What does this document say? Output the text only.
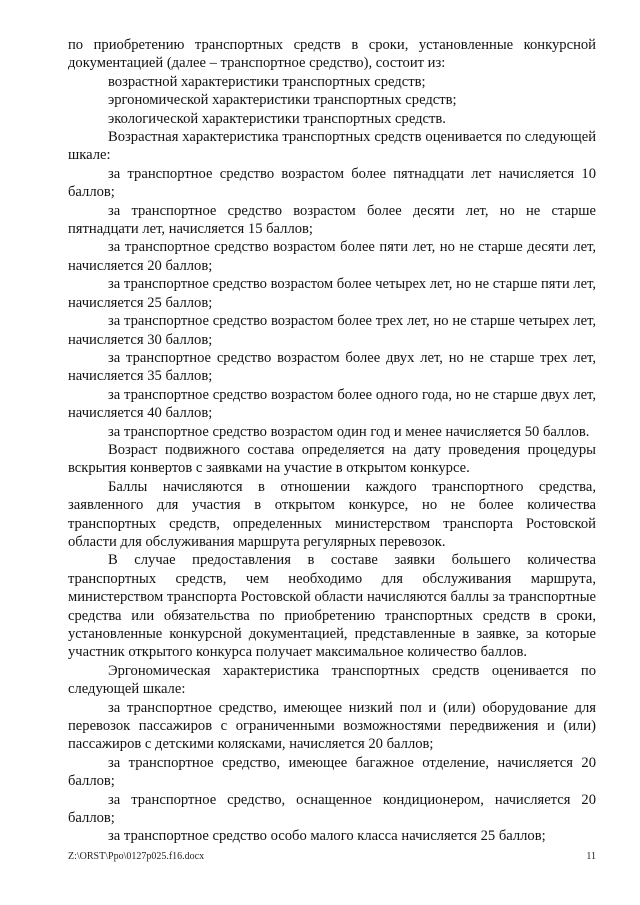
по приобретению транспортных средств в сроки, установленные конкурсной документацией (далее – транспортное средство), состоит из:

возрастной характеристики транспортных средств;

эргономической характеристики транспортных средств;

экологической характеристики транспортных средств.

Возрастная характеристика транспортных средств оценивается по следующей шкале:

за транспортное средство возрастом более пятнадцати лет начисляется 10 баллов;

за транспортное средство возрастом более десяти лет, но не старше пятнадцати лет, начисляется 15 баллов;

за транспортное средство возрастом более пяти лет, но не старше десяти лет, начисляется 20 баллов;

за транспортное средство возрастом более четырех лет, но не старше пяти лет, начисляется 25 баллов;

за транспортное средство возрастом более трех лет, но не старше четырех лет, начисляется 30 баллов;

за транспортное средство возрастом более двух лет, но не старше трех лет, начисляется 35 баллов;

за транспортное средство возрастом более одного года, но не старше двух лет, начисляется 40 баллов;

за транспортное средство возрастом один год и менее начисляется 50 баллов.

Возраст подвижного состава определяется на дату проведения процедуры вскрытия конвертов с заявками на участие в открытом конкурсе.

Баллы начисляются в отношении каждого транспортного средства, заявленного для участия в открытом конкурсе, но не более количества транспортных средств, определенных министерством транспорта Ростовской области для обслуживания маршрута регулярных перевозок.

В случае предоставления в составе заявки большего количества транспортных средств, чем необходимо для обслуживания маршрута, министерством транспорта Ростовской области начисляются баллы за транспортные средства или обязательства по приобретению транспортных средств в сроки, установленные конкурсной документацией, представленные в заявке, за которые участник открытого конкурса получает максимальное количество баллов.

Эргономическая характеристика транспортных средств оценивается по следующей шкале:

за транспортное средство, имеющее низкий пол и (или) оборудование для перевозок пассажиров с ограниченными возможностями передвижения и (или) пассажиров с детскими колясками, начисляется 20 баллов;

за транспортное средство, имеющее багажное отделение, начисляется 20 баллов;

за транспортное средство, оснащенное кондиционером, начисляется 20 баллов;

за транспортное средство особо малого класса начисляется 25 баллов;

Z:\ORST\Ppo\0127p025.f16.docx	11
